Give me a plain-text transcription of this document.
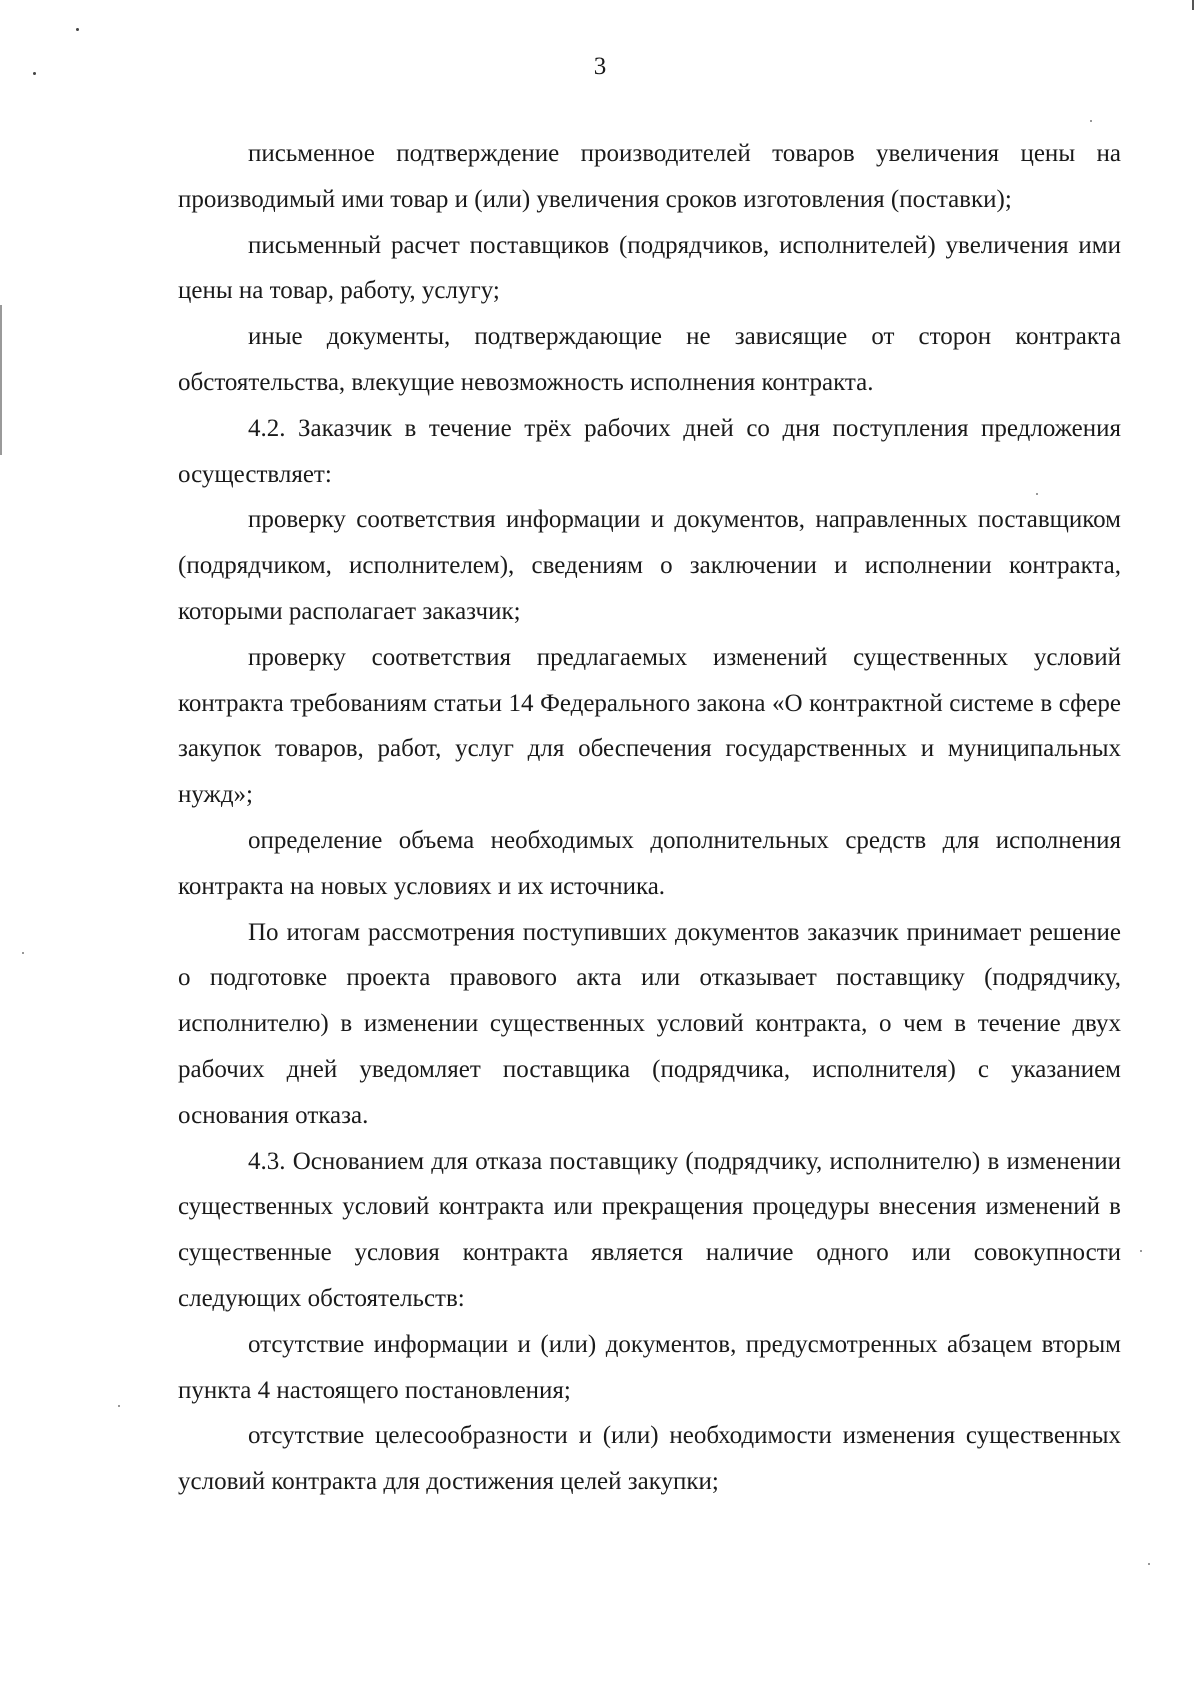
3

письменное подтверждение производителей товаров увеличения цены на производимый ими товар и (или) увеличения сроков изготовления (поставки);

письменный расчет поставщиков (подрядчиков, исполнителей) увеличения ими цены на товар, работу, услугу;

иные документы, подтверждающие не зависящие от сторон контракта обстоятельства, влекущие невозможность исполнения контракта.

4.2. Заказчик в течение трёх рабочих дней со дня поступления предложения осуществляет:

проверку соответствия информации и документов, направленных поставщиком (подрядчиком, исполнителем), сведениям о заключении и исполнении контракта, которыми располагает заказчик;

проверку соответствия предлагаемых изменений существенных условий контракта требованиям статьи 14 Федерального закона «О контрактной системе в сфере закупок товаров, работ, услуг для обеспечения государственных и муниципальных нужд»;

определение объема необходимых дополнительных средств для исполнения контракта на новых условиях и их источника.

По итогам рассмотрения поступивших документов заказчик принимает решение о подготовке проекта правового акта или отказывает поставщику (подрядчику, исполнителю) в изменении существенных условий контракта, о чем в течение двух рабочих дней уведомляет поставщика (подрядчика, исполнителя) с указанием основания отказа.

4.3. Основанием для отказа поставщику (подрядчику, исполнителю) в изменении существенных условий контракта или прекращения процедуры внесения изменений в существенные условия контракта является наличие одного или совокупности следующих обстоятельств:

отсутствие информации и (или) документов, предусмотренных абзацем вторым пункта 4 настоящего постановления;

отсутствие целесообразности и (или) необходимости изменения существенных условий контракта для достижения целей закупки;
